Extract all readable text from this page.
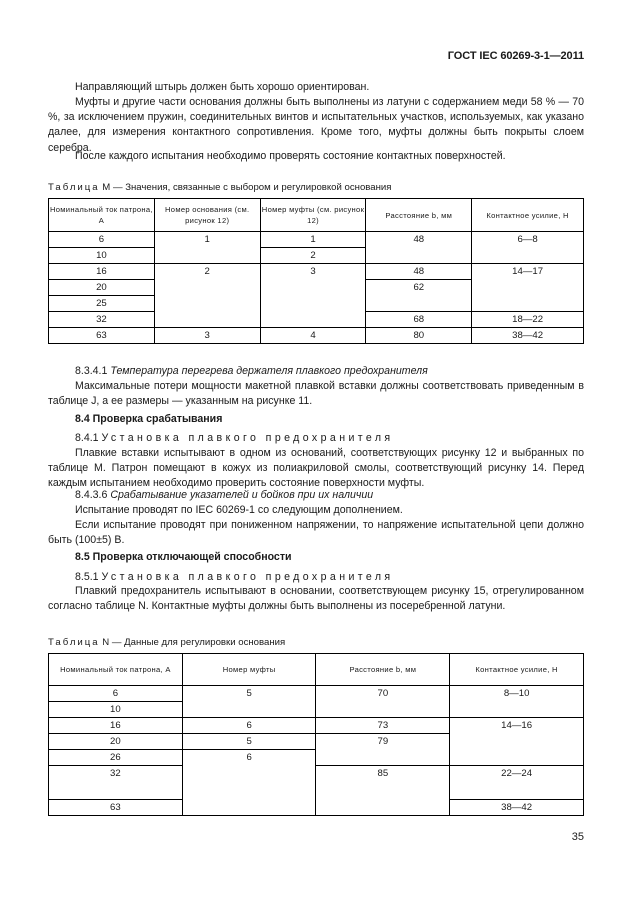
ГОСТ IEC 60269-3-1—2011
Направляющий штырь должен быть хорошо ориентирован.
Муфты и другие части основания должны быть выполнены из латуни с содержанием меди 58 % — 70 %, за исключением пружин, соединительных винтов и испытательных участков, используемых, как указано далее, для измерения контактного сопротивления. Кроме того, муфты должны быть покрыты слоем серебра.
После каждого испытания необходимо проверять состояние контактных поверхностей.
Таблица М — Значения, связанные с выбором и регулировкой основания
Номинальный ток патрона, А	Номер основания (см. рисунок 12)	Номер муфты (см. рисунок 12)	Расстояние b, мм	Контактное усилие, Н
6	1	1	48	6—8
10		2		
16	2	3	48	14—17
20			62	
25				
32			68	18—22
63	3	4	80	38—42
8.3.4.1 Температура перегрева держателя плавкого предохранителя
Максимальные потери мощности макетной плавкой вставки должны соответствовать приведенным в таблице J, а ее размеры — указанным на рисунке 11.
8.4 Проверка срабатывания
8.4.1 Установка плавкого предохранителя
Плавкие вставки испытывают в одном из оснований, соответствующих рисунку 12 и выбранных по таблице М. Патрон помещают в кожух из полиакриловой смолы, соответствующий рисунку 14. Перед каждым испытанием необходимо проверить состояние поверхности муфты.
8.4.3.6 Срабатывание указателей и бойков при их наличии
Испытание проводят по IEC 60269-1 со следующим дополнением.
Если испытание проводят при пониженном напряжении, то напряжение испытательной цепи должно быть (100±5) В.
8.5 Проверка отключающей способности
8.5.1 Установка плавкого предохранителя
Плавкий предохранитель испытывают в основании, соответствующем рисунку 15, отрегулированном согласно таблице N. Контактные муфты должны быть выполнены из посеребренной латуни.
Таблица N — Данные для регулировки основания
Номинальный ток патрона, А	Номер муфты	Расстояние b, мм	Контактное усилие, Н
6	5	70	8—10
10			
16	6	73	14—16
20	5	79	
26	6		
32		85	22—24
63			38—42
35
